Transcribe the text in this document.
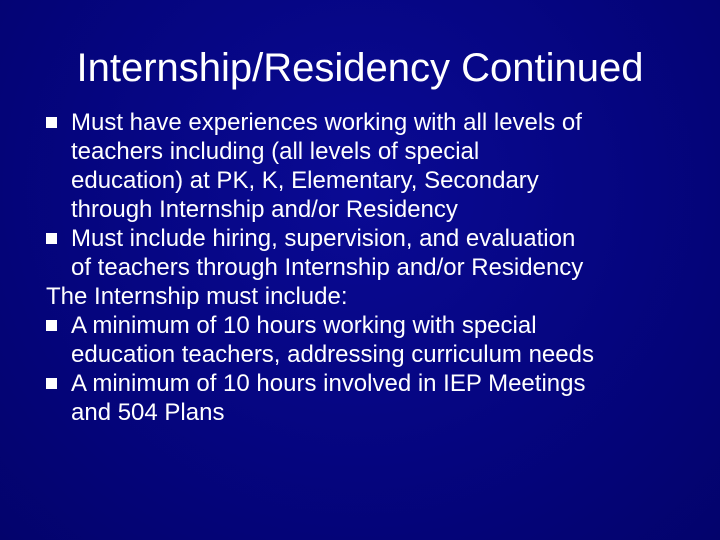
Internship/Residency Continued
Must have experiences working with all levels of
teachers including (all levels of special
education) at PK, K, Elementary, Secondary
through Internship and/or Residency
Must include hiring, supervision, and evaluation
of teachers through Internship and/or Residency
The Internship must include:
A minimum of 10 hours working with special
education teachers, addressing curriculum needs
A minimum of 10 hours involved in IEP Meetings
and 504 Plans
